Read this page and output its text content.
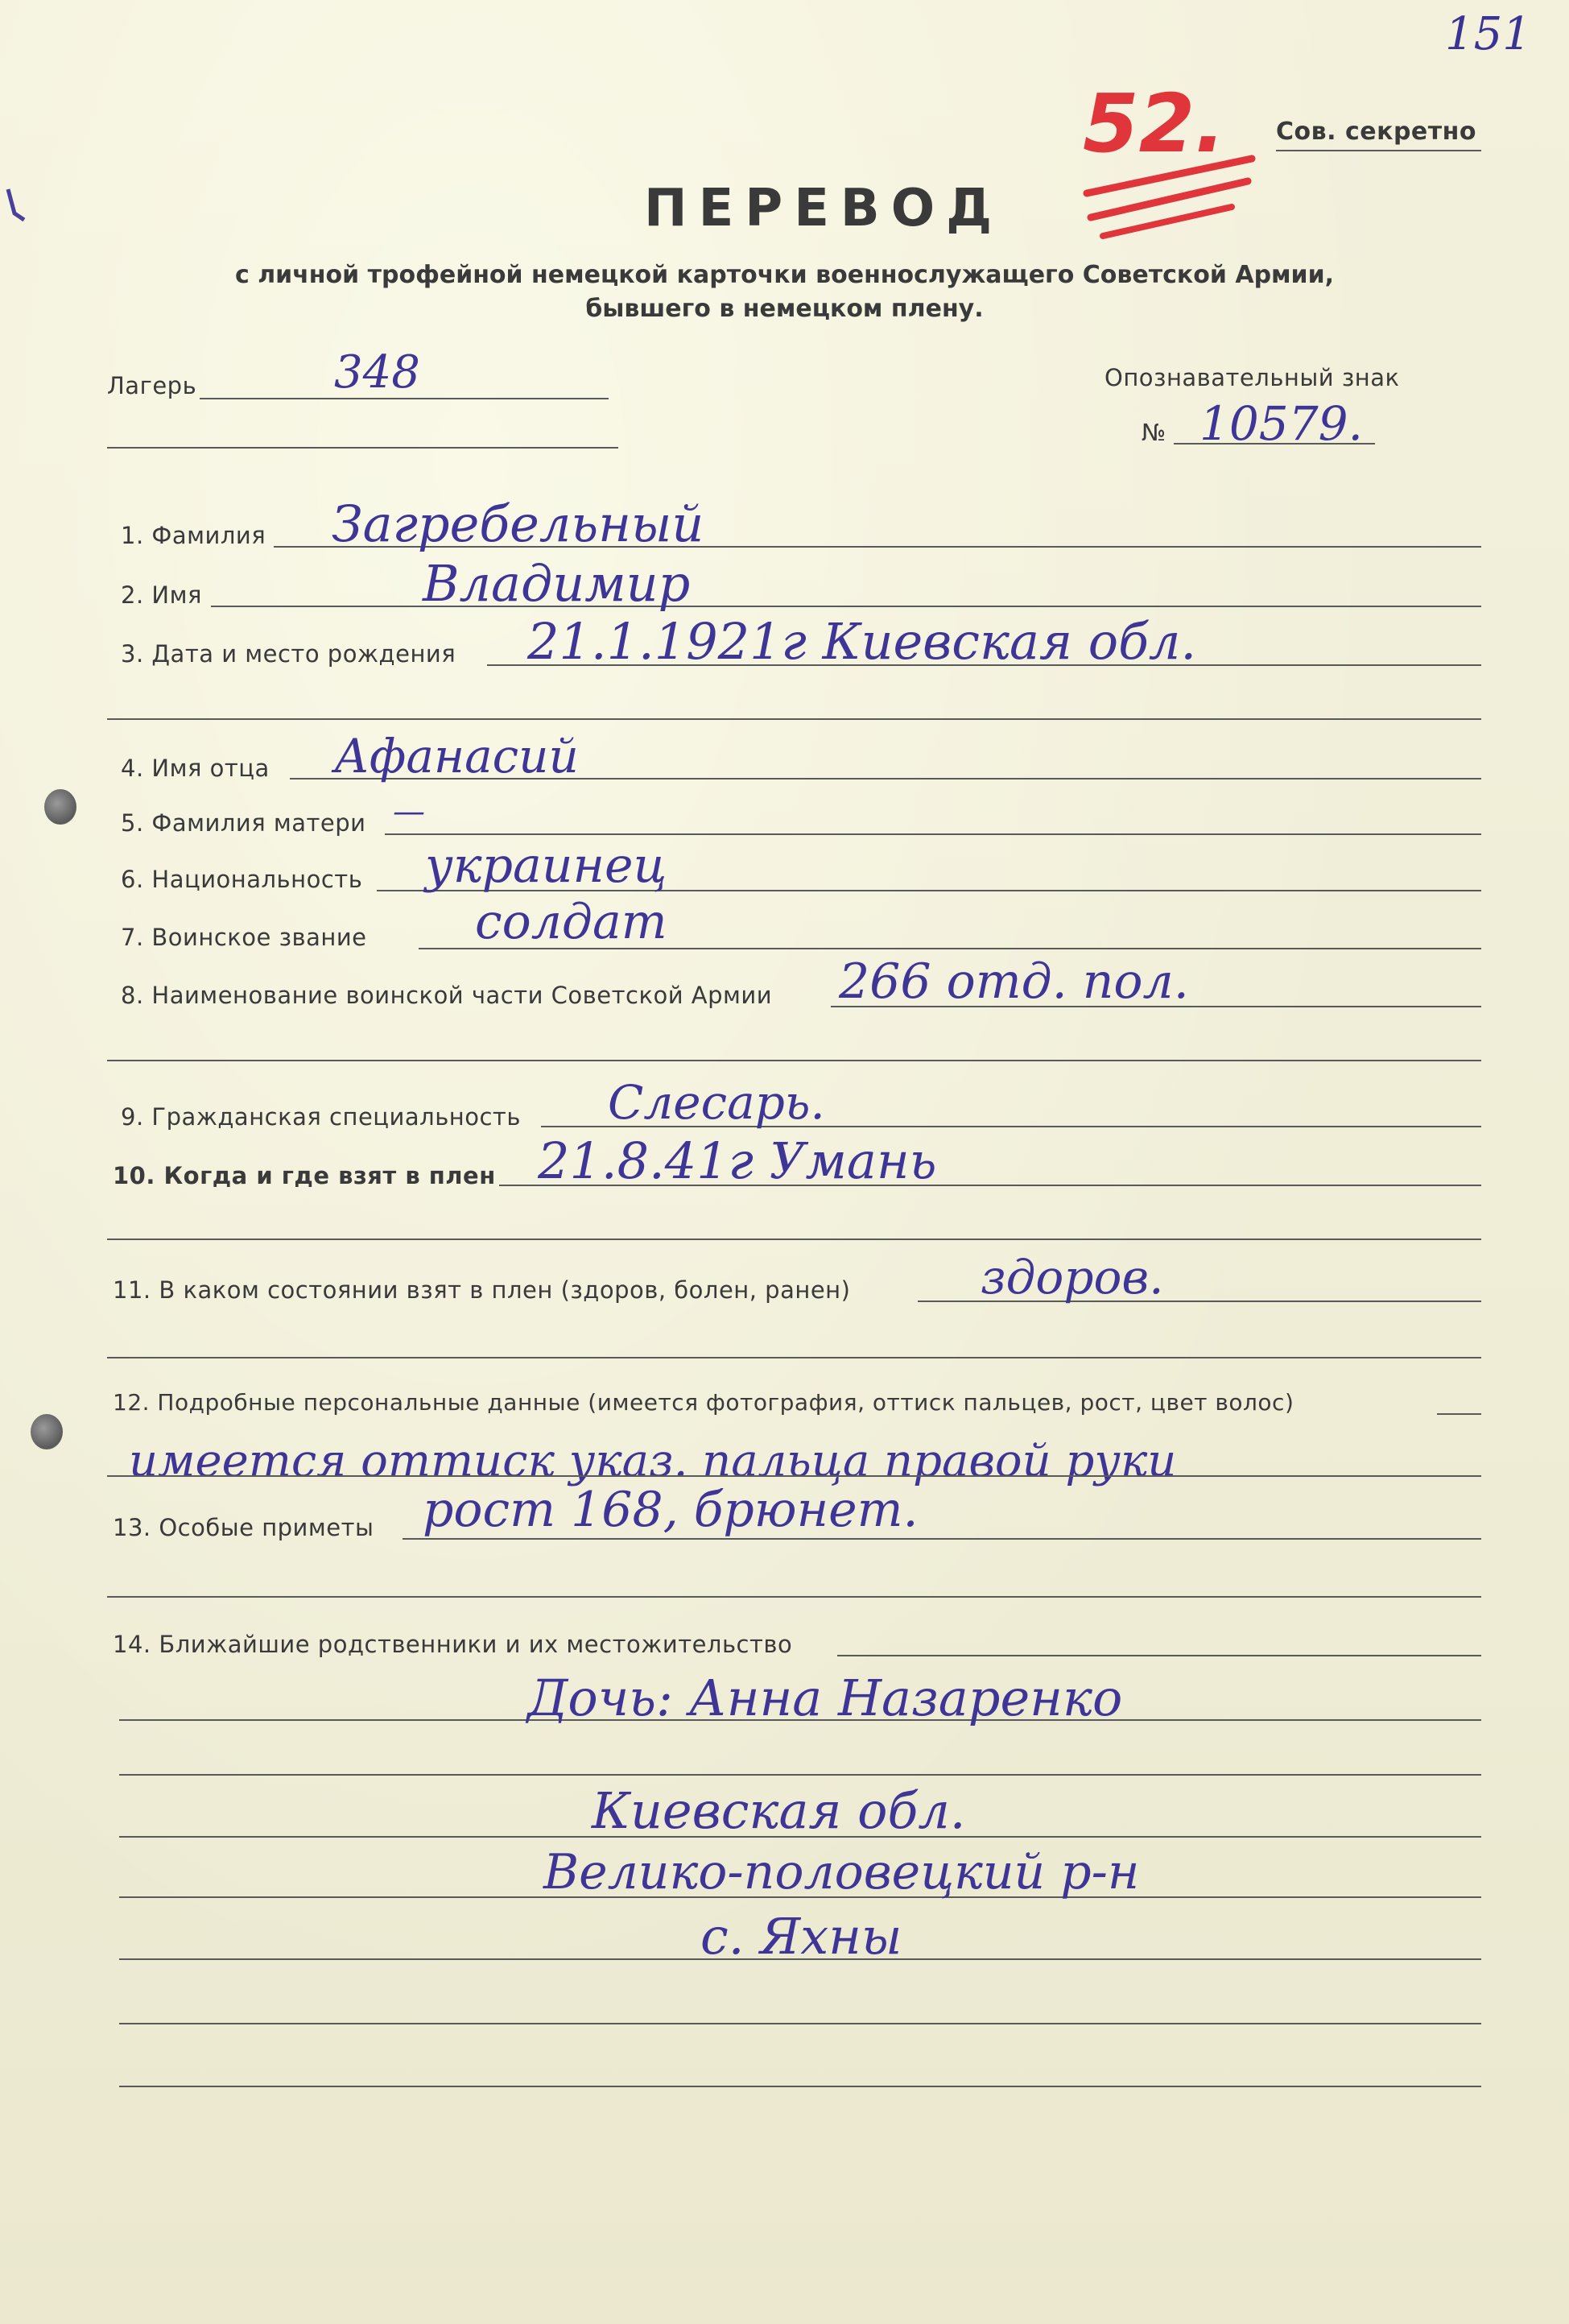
151
52. Сов. секретно
ПЕРЕВОД
с личной трофейной немецкой карточки военнослужащего Советской Армии,
бывшего в немецком плену.
Лагерь	348	Опознавательный знак
№ 10579.
1. Фамилия Загребельный
2. Имя	Владимир
3. Дата и место рождения 21.1.1921г Киевская обл.
4. Имя отца Афанасий
5. Фамилия матери —
6. Национальность украинец
7. Воинское звание солдат
8. Наименование воинской части Советской Армии 266 отд. пол.
9. Гражданская специальность Слесарь.
10. Когда и где взят в плен 21.8.41г Умань
11. В каком состоянии взят в плен (здоров, болен, ранен)	здоров.
12. Подробные персональные данные (имеется фотография, оттиск пальцев, рост, цвет волос)
имеется оттиск указ. пальца правой руки
13. Особые приметы рост 168, брюнет.
14. Ближайшие родственники и их местожительство
Дочь: Анна Назаренко
Киевская обл.
Велико-половецкий р-н
с. Яхны
